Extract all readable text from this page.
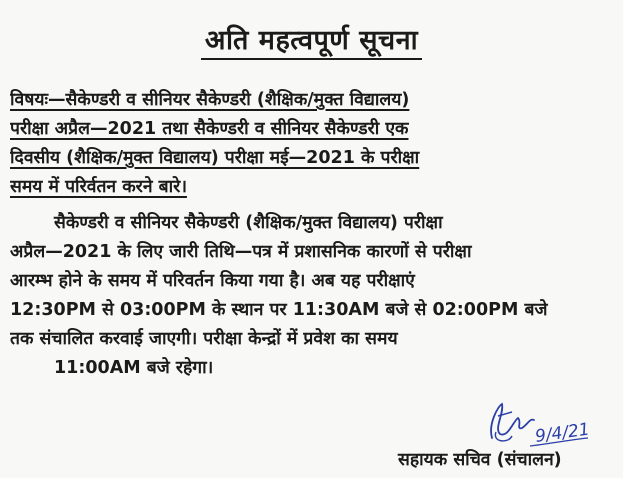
अति महत्वपूर्ण सूचना
विषयः—सैकेण्डरी व सीनियर सैकेण्डरी (शैक्षिक/मुक्त विद्यालय)
परीक्षा अप्रैल—2021 तथा सैकेण्डरी व सीनियर सैकेण्डरी एक
दिवसीय (शैक्षिक/मुक्त विद्यालय) परीक्षा मई—2021 के परीक्षा
समय में परिर्वतन करने बारे।
सैकेण्डरी व सीनियर सैकेण्डरी (शैक्षिक/मुक्त विद्यालय) परीक्षा
अप्रैल—2021 के लिए जारी तिथि—पत्र में प्रशासनिक कारणों से परीक्षा
आरम्भ होने के समय में परिवर्तन किया गया है। अब यह परीक्षाएं
12:30PM से 03:00PM के स्थान पर 11:30AM बजे से 02:00PM बजे
तक संचालित करवाई जाएगी। परीक्षा केन्द्रों में प्रवेश का समय
11:00AM बजे रहेगा।
9/4/21
सहायक सचिव (संचालन)
